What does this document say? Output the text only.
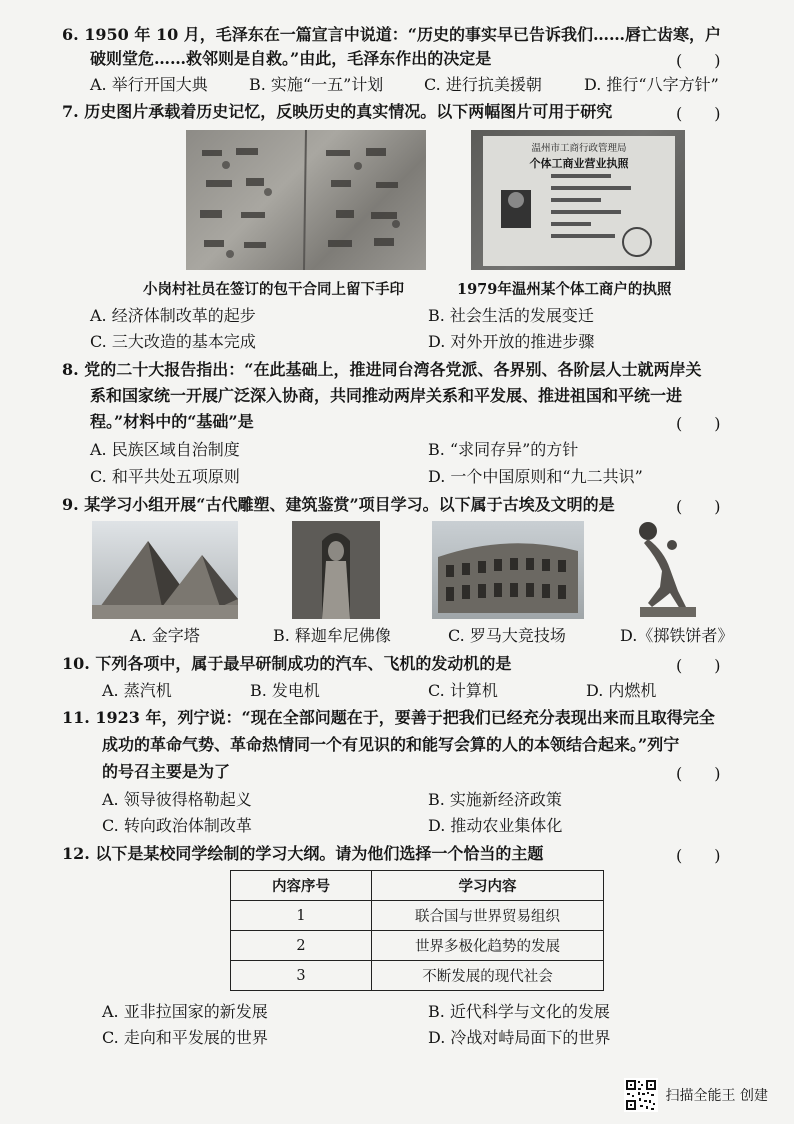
6. 1950 年 10 月，毛泽东在一篇宣言中说道：“历史的事实早已告诉我们……唇亡齿寒，户
破则堂危……救邻则是自救。”由此，毛泽东作出的决定是	(　　)
A. 举行开国大典	B. 实施“一五”计划	C. 进行抗美援朝	D. 推行“八字方针”
7. 历史图片承载着历史记忆，反映历史的真实情况。以下两幅图片可用于研究	(　　)
温州市工商行政管理局
个体工商业营业执照
小岗村社员在签订的包干合同上留下手印	1979年温州某个体工商户的执照
A. 经济体制改革的起步	B. 社会生活的发展变迁
C. 三大改造的基本完成	D. 对外开放的推进步骤
8. 党的二十大报告指出：“在此基础上，推进同台湾各党派、各界别、各阶层人士就两岸关
系和国家统一开展广泛深入协商，共同推动两岸关系和平发展、推进祖国和平统一进
程。”材料中的“基础”是	(　　)
A. 民族区域自治制度	B. “求同存异”的方针
C. 和平共处五项原则	D. 一个中国原则和“九二共识”
9. 某学习小组开展“古代雕塑、建筑鉴赏”项目学习。以下属于古埃及文明的是	(　　)
A. 金字塔	B. 释迦牟尼佛像	C. 罗马大竞技场	D.《掷铁饼者》
10. 下列各项中，属于最早研制成功的汽车、飞机的发动机的是	(　　)
A. 蒸汽机	B. 发电机	C. 计算机	D. 内燃机
11. 1923 年，列宁说：“现在全部问题在于，要善于把我们已经充分表现出来而且取得完全
成功的革命气势、革命热情同一个有见识的和能写会算的人的本领结合起来。”列宁
的号召主要是为了	(　　)
A. 领导彼得格勒起义	B. 实施新经济政策
C. 转向政治体制改革	D. 推动农业集体化
12. 以下是某校同学绘制的学习大纲。请为他们选择一个恰当的主题	(　　)
内容序号	学习内容
1	联合国与世界贸易组织
2	世界多极化趋势的发展
3	不断发展的现代社会
A. 亚非拉国家的新发展	B. 近代科学与文化的发展
C. 走向和平发展的世界	D. 冷战对峙局面下的世界
扫描全能王 创建
